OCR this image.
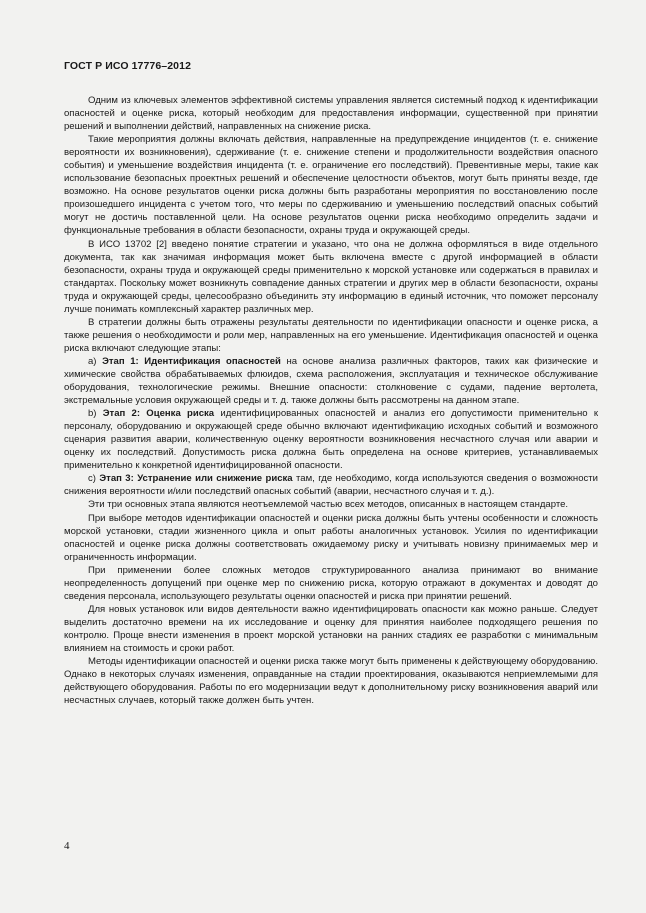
ГОСТ Р ИСО 17776–2012

Одним из ключевых элементов эффективной системы управления является системный подход к идентификации опасностей и оценке риска, который необходим для предоставления информации, существенной при принятии решений и выполнении действий, направленных на снижение риска.

Такие мероприятия должны включать действия, направленные на предупреждение инцидентов (т. е. снижение вероятности их возникновения), сдерживание (т. е. снижение степени и продолжительности воздействия опасного события) и уменьшение воздействия инцидента (т. е. ограничение его последствий). Превентивные меры, такие как использование безопасных проектных решений и обеспечение целостности объектов, могут быть приняты везде, где возможно. На основе результатов оценки риска должны быть разработаны мероприятия по восстановлению после произошедшего инцидента с учетом того, что меры по сдерживанию и уменьшению последствий опасных событий могут не достичь поставленной цели. На основе результатов оценки риска необходимо определить задачи и функциональные требования в области безопасности, охраны труда и окружающей среды.

В ИСО 13702 [2] введено понятие стратегии и указано, что она не должна оформляться в виде отдельного документа, так как значимая информация может быть включена вместе с другой информацией в области безопасности, охраны труда и окружающей среды применительно к морской установке или содержаться в правилах и стандартах. Поскольку может возникнуть совпадение данных стратегии и других мер в области безопасности, охраны труда и окружающей среды, целесообразно объединить эту информацию в единый источник, что поможет персоналу лучше понимать комплексный характер различных мер.

В стратегии должны быть отражены результаты деятельности по идентификации опасности и оценке риска, а также решения о необходимости и роли мер, направленных на его уменьшение. Идентификация опасностей и оценка риска включают следующие этапы:

a) Этап 1: Идентификация опасностей на основе анализа различных факторов, таких как физические и химические свойства обрабатываемых флюидов, схема расположения, эксплуатация и техническое обслуживание оборудования, технологические режимы. Внешние опасности: столкновение с судами, падение вертолета, экстремальные условия окружающей среды и т. д. также должны быть рассмотрены на данном этапе.

b) Этап 2: Оценка риска идентифицированных опасностей и анализ его допустимости применительно к персоналу, оборудованию и окружающей среде обычно включают идентификацию исходных событий и возможного сценария развития аварии, количественную оценку вероятности возникновения несчастного случая или аварии и оценку их последствий. Допустимость риска должна быть определена на основе критериев, устанавливаемых применительно к конкретной идентифицированной опасности.

c) Этап 3: Устранение или снижение риска там, где необходимо, когда используются сведения о возможности снижения вероятности и/или последствий опасных событий (аварии, несчастного случая и т. д.).

Эти три основных этапа являются неотъемлемой частью всех методов, описанных в настоящем стандарте.

При выборе методов идентификации опасностей и оценки риска должны быть учтены особенности и сложность морской установки, стадии жизненного цикла и опыт работы аналогичных установок. Усилия по идентификации опасностей и оценке риска должны соответствовать ожидаемому риску и учитывать новизну принимаемых мер и ограниченность информации.

При применении более сложных методов структурированного анализа принимают во внимание неопределенность допущений при оценке мер по снижению риска, которую отражают в документах и доводят до сведения персонала, использующего результаты оценки опасностей и риска при принятии решений.

Для новых установок или видов деятельности важно идентифицировать опасности как можно раньше. Следует выделить достаточно времени на их исследование и оценку для принятия наиболее подходящего решения по контролю. Проще внести изменения в проект морской установки на ранних стадиях ее разработки с минимальным влиянием на стоимость и сроки работ.

Методы идентификации опасностей и оценки риска также могут быть применены к действующему оборудованию. Однако в некоторых случаях изменения, оправданные на стадии проектирования, оказываются неприемлемыми для действующего оборудования. Работы по его модернизации ведут к дополнительному риску возникновения аварий или несчастных случаев, который также должен быть учтен.

4
